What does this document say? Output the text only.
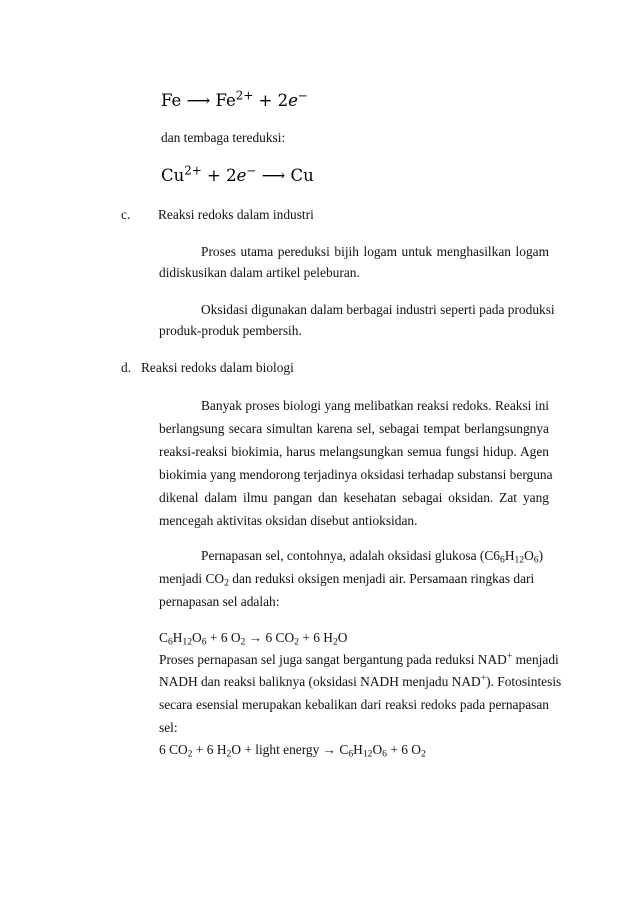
Fe ⟶ $Fe^{2+} + 2e^-$
dan tembaga tereduksi:
$Cu^{2+} + 2e^-$ ⟶ Cu
c. Reaksi redoks dalam industri
Proses utama pereduksi bijih logam untuk menghasilkan logam
didiskusikan dalam artikel peleburan.
Oksidasi digunakan dalam berbagai industri seperti pada produksi
produk-produk pembersih.
d. Reaksi redoks dalam biologi
Banyak proses biologi yang melibatkan reaksi redoks. Reaksi ini
berlangsung secara simultan karena sel, sebagai tempat berlangsungnya
reaksi-reaksi biokimia, harus melangsungkan semua fungsi hidup. Agen
biokimia yang mendorong terjadinya oksidasi terhadap substansi berguna
dikenal dalam ilmu pangan dan kesehatan sebagai oksidan. Zat yang
mencegah aktivitas oksidan disebut antioksidan.
Pernapasan sel, contohnya, adalah oksidasi glukosa $(C6_6H_{12}O_6)$
menjadi $CO_2$ dan reduksi oksigen menjadi air. Persamaan ringkas dari
pernapasan sel adalah:
$C_6H_{12}O_6 + 6$ $O_2 \to 6$ $CO_2 + 6$ $H_2O$
Proses pernapasan sel juga sangat bergantung pada reduksi NAD+ menjadi
NADH dan reaksi baliknya (oksidasi NADH menjadu NAD+). Fotosintesis
secara esensial merupakan kebalikan dari reaksi redoks pada pernapasan
sel:
6 $CO_2 + 6$ $H_2O$ + light energy → $C_6H_{12}O_6 + 6$ $O_2$
